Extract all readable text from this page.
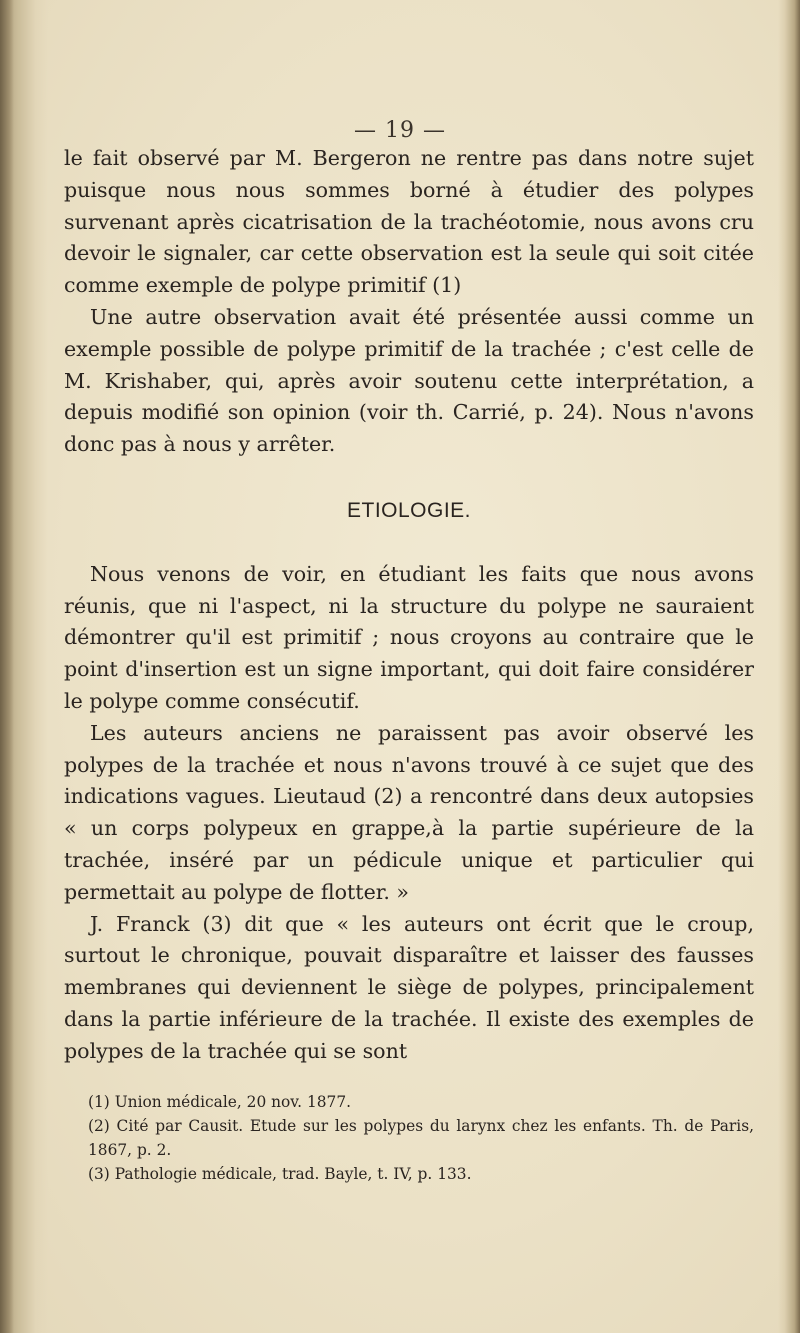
— 19 —

le fait observé par M. Bergeron ne rentre pas dans notre sujet puisque nous nous sommes borné à étudier des polypes survenant après cicatrisation de la trachéotomie, nous avons cru devoir le signaler, car cette observation est la seule qui soit citée comme exemple de polype primitif (1)

Une autre observation avait été présentée aussi comme un exemple possible de polype primitif de la trachée ; c'est celle de M. Krishaber, qui, après avoir soutenu cette interprétation, a depuis modifié son opinion (voir th. Carrié, p. 24). Nous n'avons donc pas à nous y arrêter.

ETIOLOGIE.

Nous venons de voir, en étudiant les faits que nous avons réunis, que ni l'aspect, ni la structure du polype ne sauraient démontrer qu'il est primitif ; nous croyons au contraire que le point d'insertion est un signe important, qui doit faire considérer le polype comme consécutif.

Les auteurs anciens ne paraissent pas avoir observé les polypes de la trachée et nous n'avons trouvé à ce sujet que des indications vagues. Lieutaud (2) a rencontré dans deux autopsies « un corps polypeux en grappe,à la partie supérieure de la trachée, inséré par un pédicule unique et particulier qui permettait au polype de flotter. »

J. Franck (3) dit que « les auteurs ont écrit que le croup, surtout le chronique, pouvait disparaître et laisser des fausses membranes qui deviennent le siège de polypes, principalement dans la partie inférieure de la trachée. Il existe des exemples de polypes de la trachée qui se sont

(1) Union médicale, 20 nov. 1877.
(2) Cité par Causit. Etude sur les polypes du larynx chez les enfants. Th. de Paris, 1867, p. 2.
(3) Pathologie médicale, trad. Bayle, t. IV, p. 133.
